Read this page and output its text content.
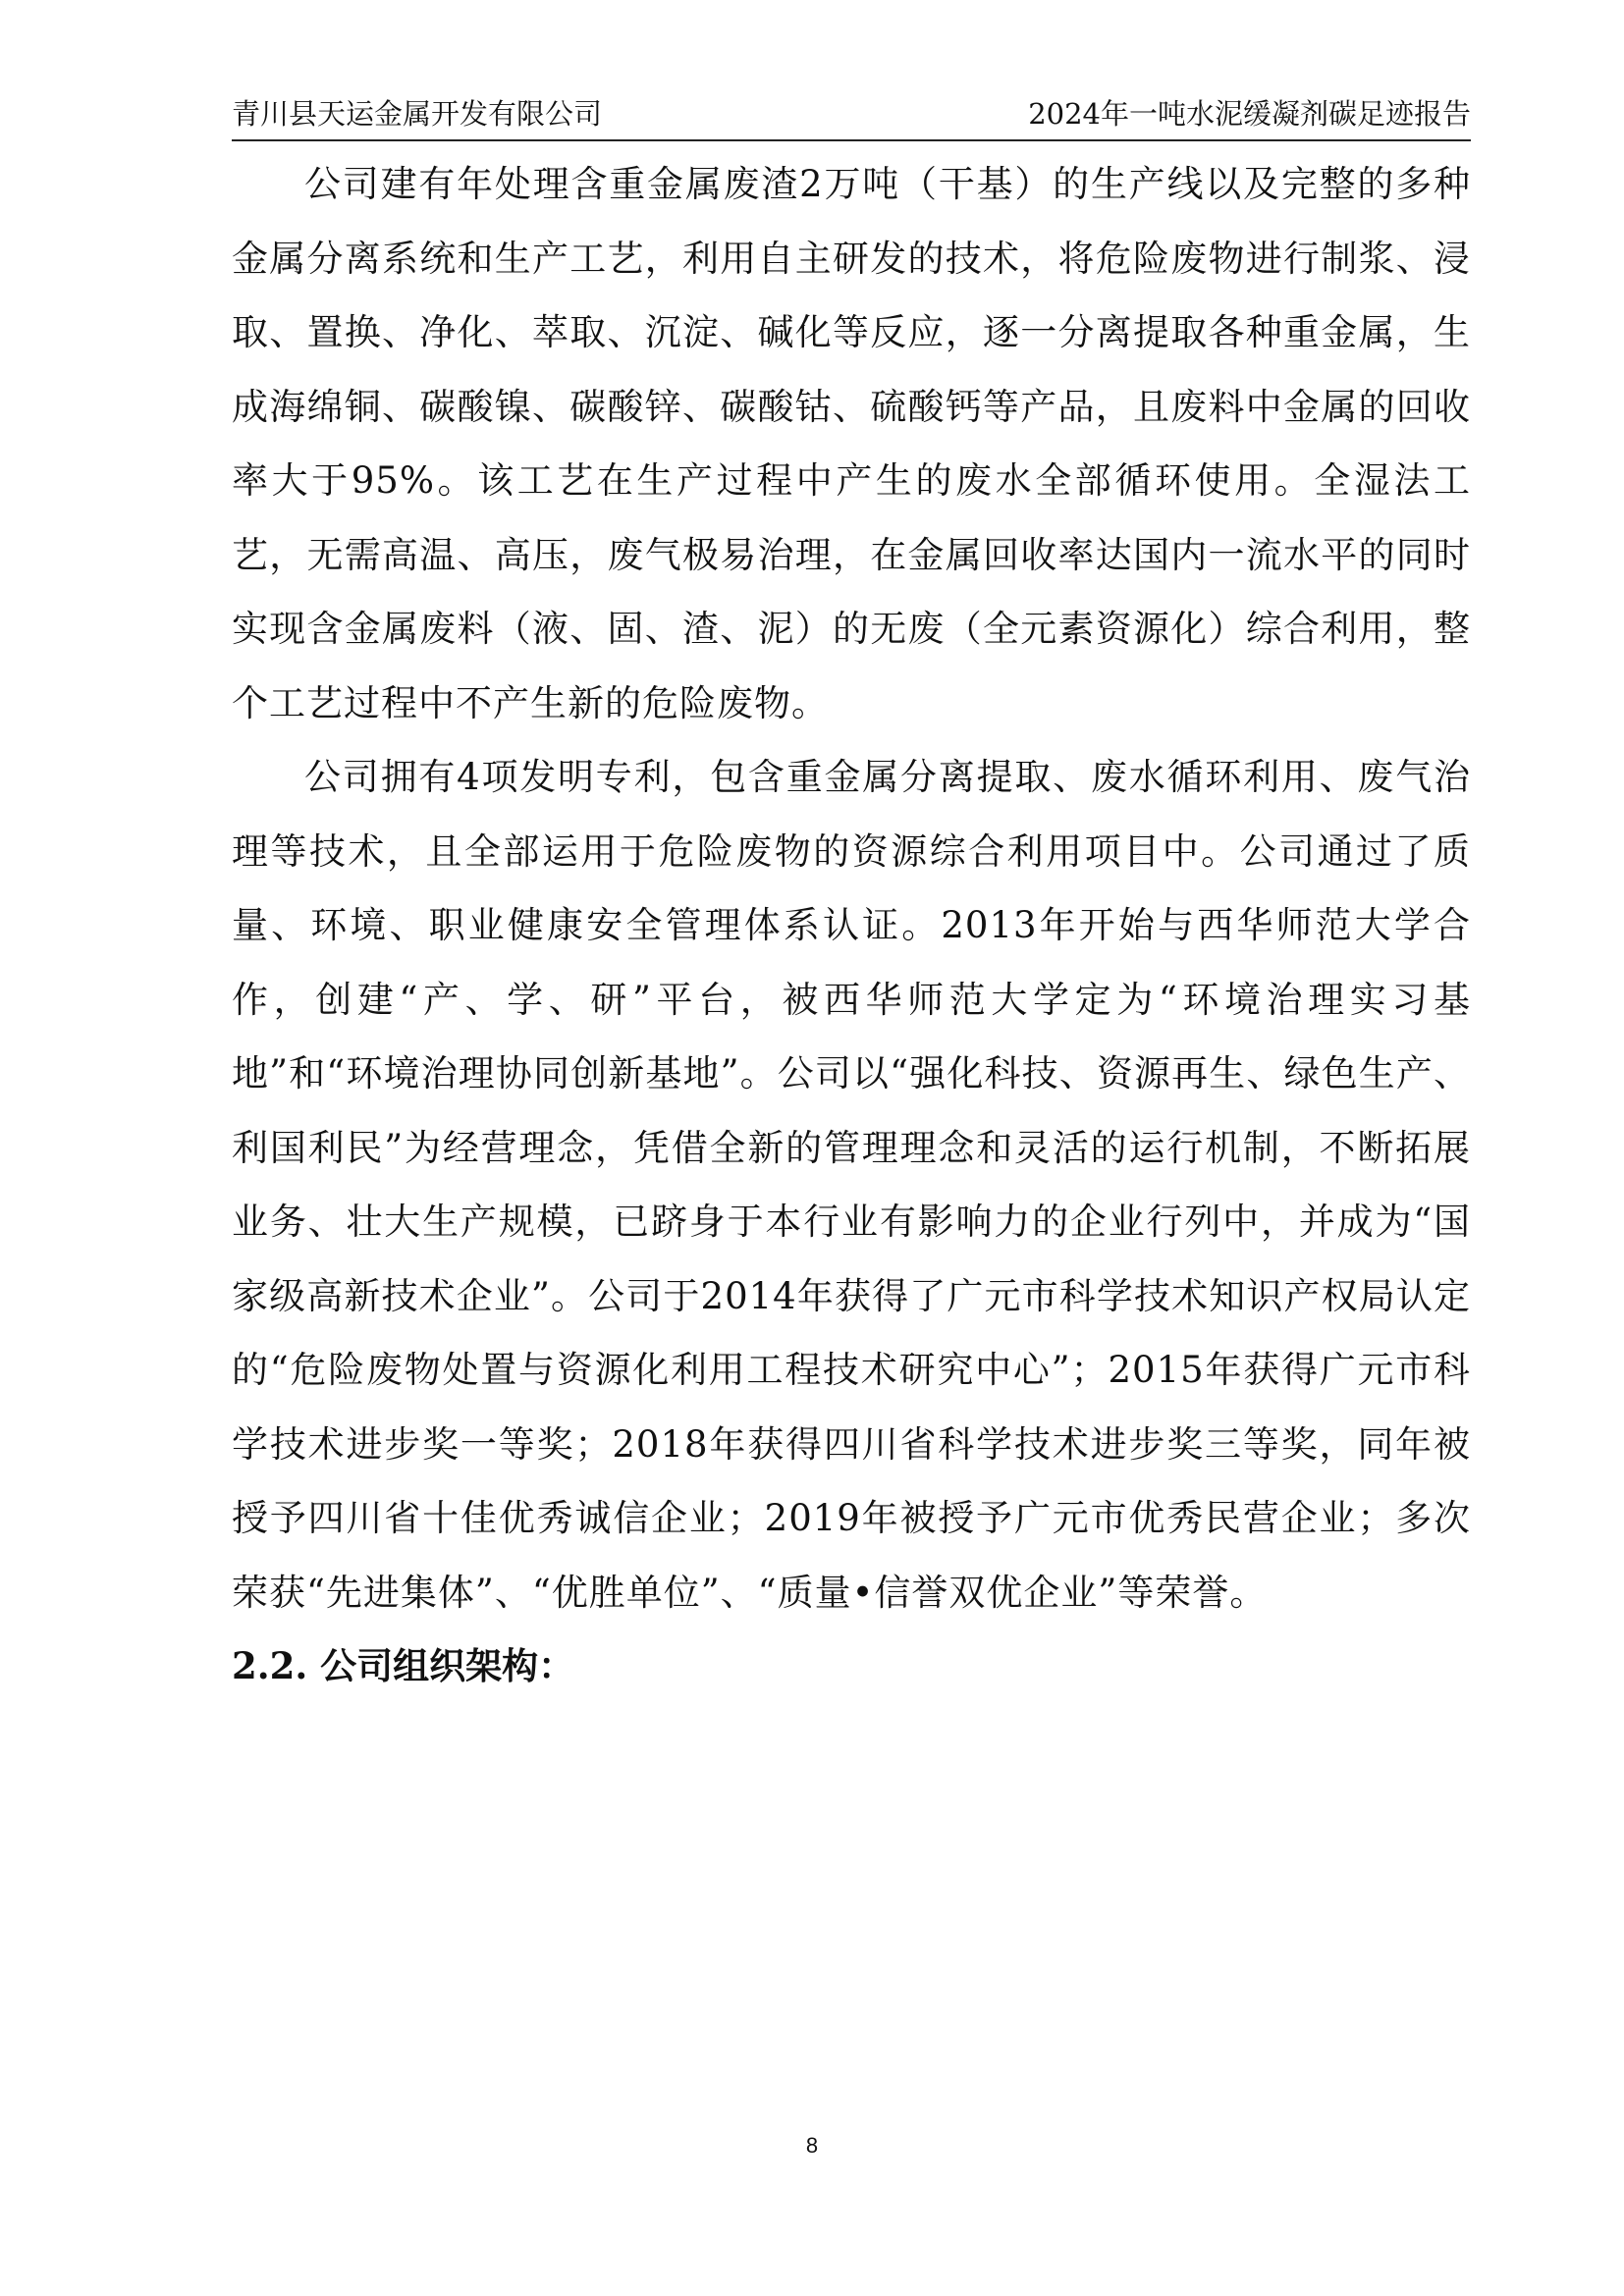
青川县天运金属开发有限公司	2024年一吨水泥缓凝剂碳足迹报告

公司建有年处理含重金属废渣2万吨（干基）的生产线以及完整的多种金属分离系统和生产工艺，利用自主研发的技术，将危险废物进行制浆、浸取、置换、净化、萃取、沉淀、碱化等反应，逐一分离提取各种重金属，生成海绵铜、碳酸镍、碳酸锌、碳酸钴、硫酸钙等产品，且废料中金属的回收率大于95%。该工艺在生产过程中产生的废水全部循环使用。全湿法工艺，无需高温、高压，废气极易治理，在金属回收率达国内一流水平的同时实现含金属废料（液、固、渣、泥）的无废（全元素资源化）综合利用，整个工艺过程中不产生新的危险废物。

公司拥有4项发明专利，包含重金属分离提取、废水循环利用、废气治理等技术，且全部运用于危险废物的资源综合利用项目中。公司通过了质量、环境、职业健康安全管理体系认证。2013年开始与西华师范大学合作，创建“产、学、研”平台，被西华师范大学定为“环境治理实习基地”和“环境治理协同创新基地”。公司以“强化科技、资源再生、绿色生产、利国利民”为经营理念，凭借全新的管理理念和灵活的运行机制，不断拓展业务、壮大生产规模，已跻身于本行业有影响力的企业行列中，并成为“国家级高新技术企业”。公司于2014年获得了广元市科学技术知识产权局认定的“危险废物处置与资源化利用工程技术研究中心”；2015年获得广元市科学技术进步奖一等奖；2018年获得四川省科学技术进步奖三等奖，同年被授予四川省十佳优秀诚信企业；2019年被授予广元市优秀民营企业；多次荣获“先进集体”、“优胜单位”、“质量•信誉双优企业”等荣誉。

2.2. 公司组织架构：

8
